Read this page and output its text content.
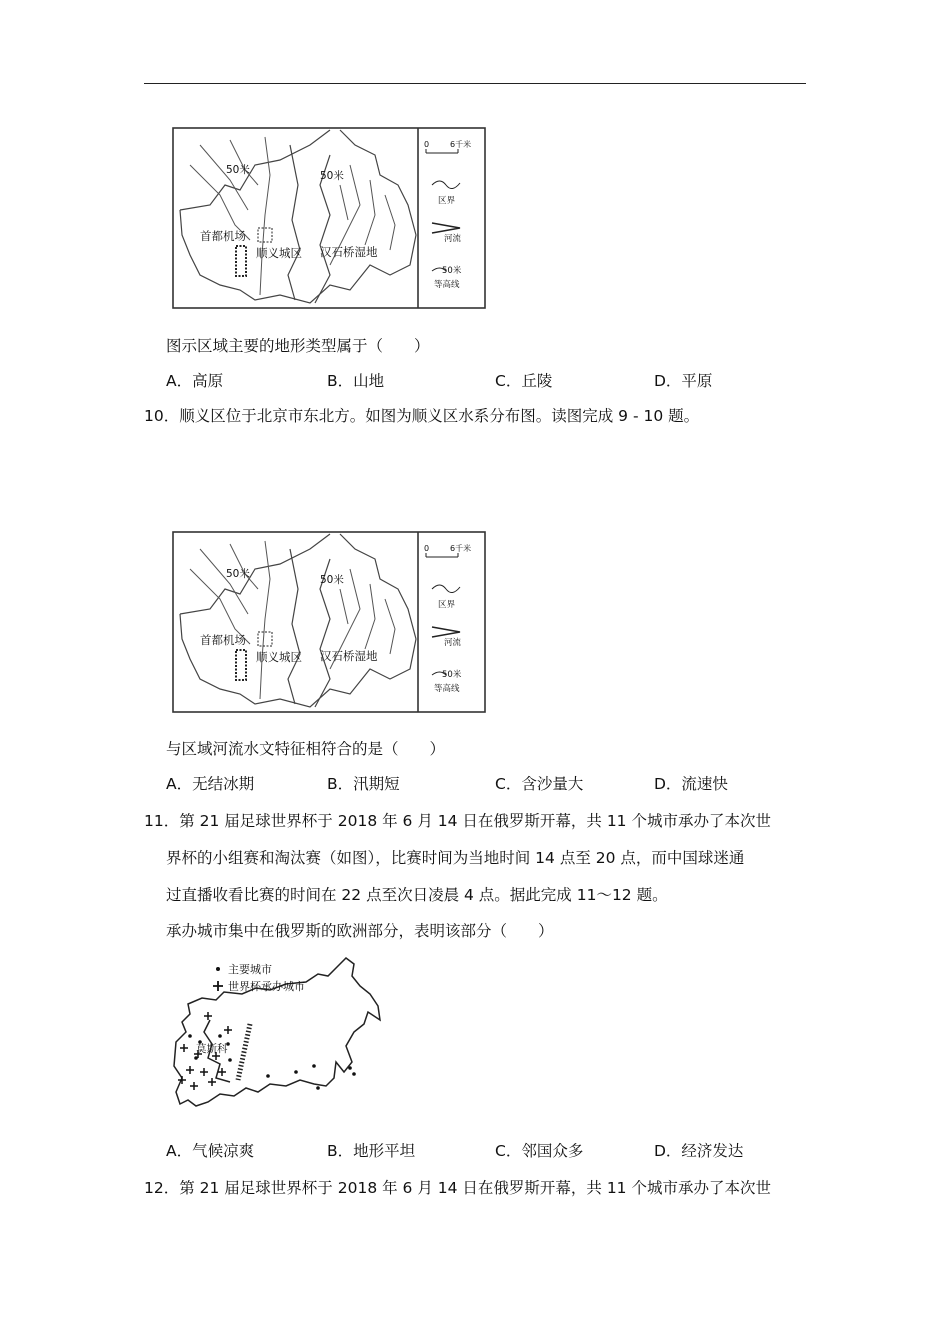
50米	50米
首都机场
顺义城区 汉石桥湿地
0	6千米
区界
河流
50米
等高线
图示区域主要的地形类型属于（　　）
A．高原	B．山地	C．丘陵	D．平原
10．顺义区位于北京市东北方。如图为顺义区水系分布图。读图完成 9 - 10 题。
50米	50米
首都机场
顺义城区 汉石桥湿地
0	6千米
区界
河流
50米
等高线
与区域河流水文特征相符合的是（　　）
A．无结冰期	B．汛期短	C．含沙量大	D．流速快
11．第 21 届足球世界杯于 2018 年 6 月 14 日在俄罗斯开幕，共 11 个城市承办了本次世
界杯的小组赛和淘汰赛（如图），比赛时间为当地时间 14 点至 20 点，而中国球迷通
过直播收看比赛的时间在 22 点至次日凌晨 4 点。据此完成 11～12 题。
承办城市集中在俄罗斯的欧洲部分，表明该部分（　　）
主要城市
世界杯承办城市
莫斯科
A．气候凉爽	B．地形平坦	C．邻国众多	D．经济发达
12．第 21 届足球世界杯于 2018 年 6 月 14 日在俄罗斯开幕，共 11 个城市承办了本次世
